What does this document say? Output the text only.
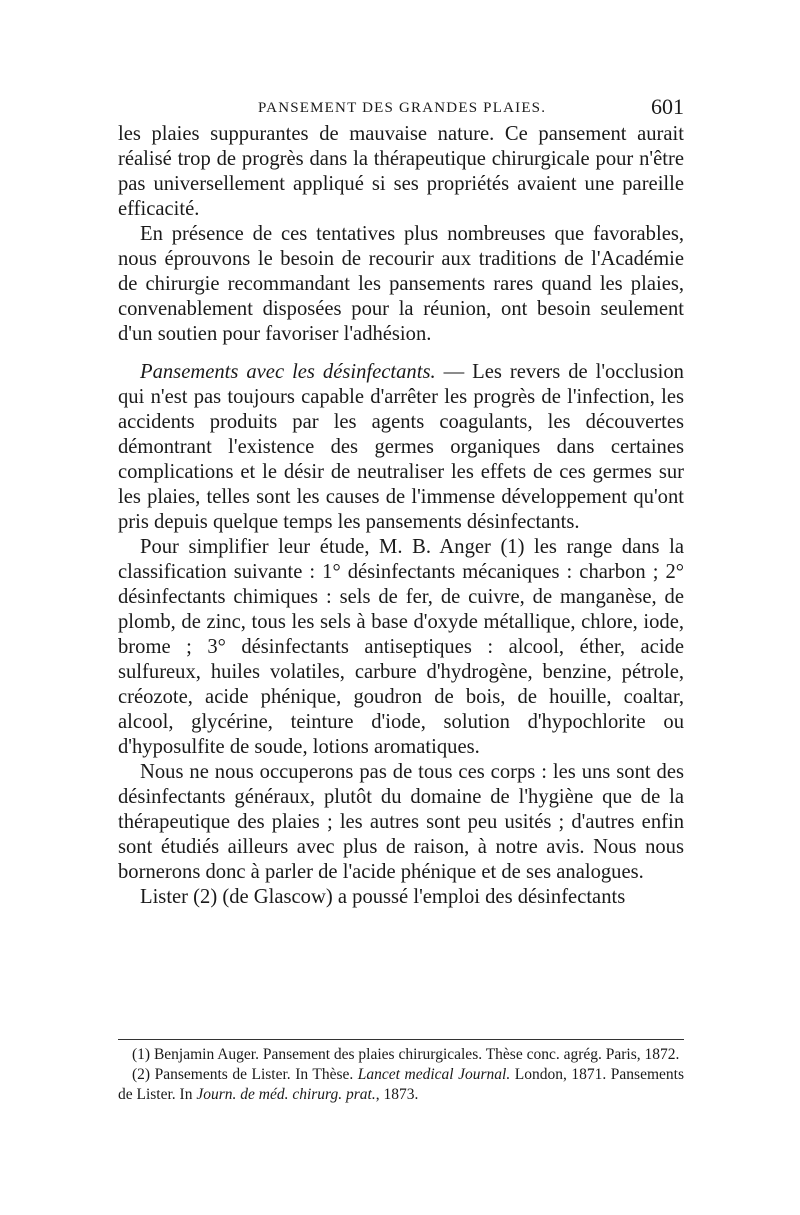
PANSEMENT DES GRANDES PLAIES.	601

les plaies suppurantes de mauvaise nature. Ce pansement aurait réalisé trop de progrès dans la thérapeutique chirurgicale pour n'être pas universellement appliqué si ses propriétés avaient une pareille efficacité.

En présence de ces tentatives plus nombreuses que favorables, nous éprouvons le besoin de recourir aux traditions de l'Académie de chirurgie recommandant les pansements rares quand les plaies, convenablement disposées pour la réunion, ont besoin seulement d'un soutien pour favoriser l'adhésion.

Pansements avec les désinfectants. — Les revers de l'occlusion qui n'est pas toujours capable d'arrêter les progrès de l'infection, les accidents produits par les agents coagulants, les découvertes démontrant l'existence des germes organiques dans certaines complications et le désir de neutraliser les effets de ces germes sur les plaies, telles sont les causes de l'immense développement qu'ont pris depuis quelque temps les pansements désinfectants.

Pour simplifier leur étude, M. B. Anger (1) les range dans la classification suivante : 1° désinfectants mécaniques : charbon ; 2° désinfectants chimiques : sels de fer, de cuivre, de manganèse, de plomb, de zinc, tous les sels à base d'oxyde métallique, chlore, iode, brome ; 3° désinfectants antiseptiques : alcool, éther, acide sulfureux, huiles volatiles, carbure d'hydrogène, benzine, pétrole, créozote, acide phénique, goudron de bois, de houille, coaltar, alcool, glycérine, teinture d'iode, solution d'hypochlorite ou d'hyposulfite de soude, lotions aromatiques.

Nous ne nous occuperons pas de tous ces corps : les uns sont des désinfectants généraux, plutôt du domaine de l'hygiène que de la thérapeutique des plaies ; les autres sont peu usités ; d'autres enfin sont étudiés ailleurs avec plus de raison, à notre avis. Nous nous bornerons donc à parler de l'acide phénique et de ses analogues.

Lister (2) (de Glascow) a poussé l'emploi des désinfectants

(1) Benjamin Auger. Pansement des plaies chirurgicales. Thèse conc. agrég. Paris, 1872.

(2) Pansements de Lister. In Thèse. Lancet medical Journal. London, 1871. Pansements de Lister. In Journ. de méd. chirurg. prat., 1873.
